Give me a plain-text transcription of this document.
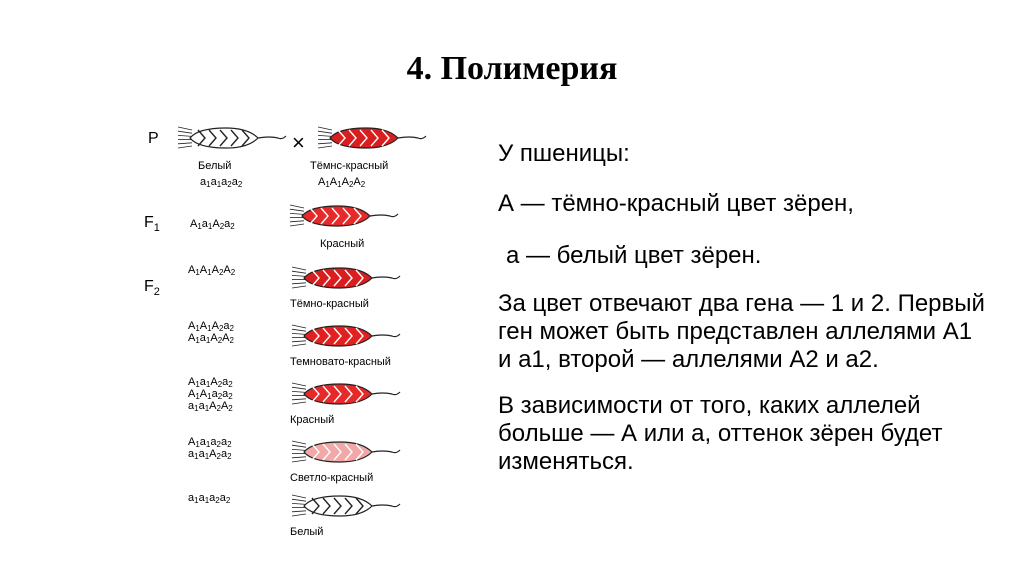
4. Полимерия
P
$F_1$
$F_2$
Белый
$a_1a_1a_2a_2$
×
Тёмнс-красный
$A_1A_1A_2A_2$
$A_1a_1A_2a_2$
Красный
$A_1A_1A_2A_2$
Тёмно-красный
$A_1A_1A_2a_2$
$A_1a_1A_2A_2$
Темновато-красный
$A_1a_1A_2a_2$
$A_1A_1a_2a_2$
$a_1a_1A_2A_2$
Красный
$A_1a_1a_2a_2$
$a_1a_1A_2a_2$
Светло-красный
$a_1a_1a_2a_2$
Белый

У пшеницы:

А — тёмно-красный цвет зёрен,

а — белый цвет зёрен.

За цвет отвечают два гена — 1 и 2. Первый ген может быть представлен аллелями А1 и а1, второй — аллелями А2 и а2.

В зависимости от того, каких аллелей больше — А или а, оттенок зёрен будет изменяться.
